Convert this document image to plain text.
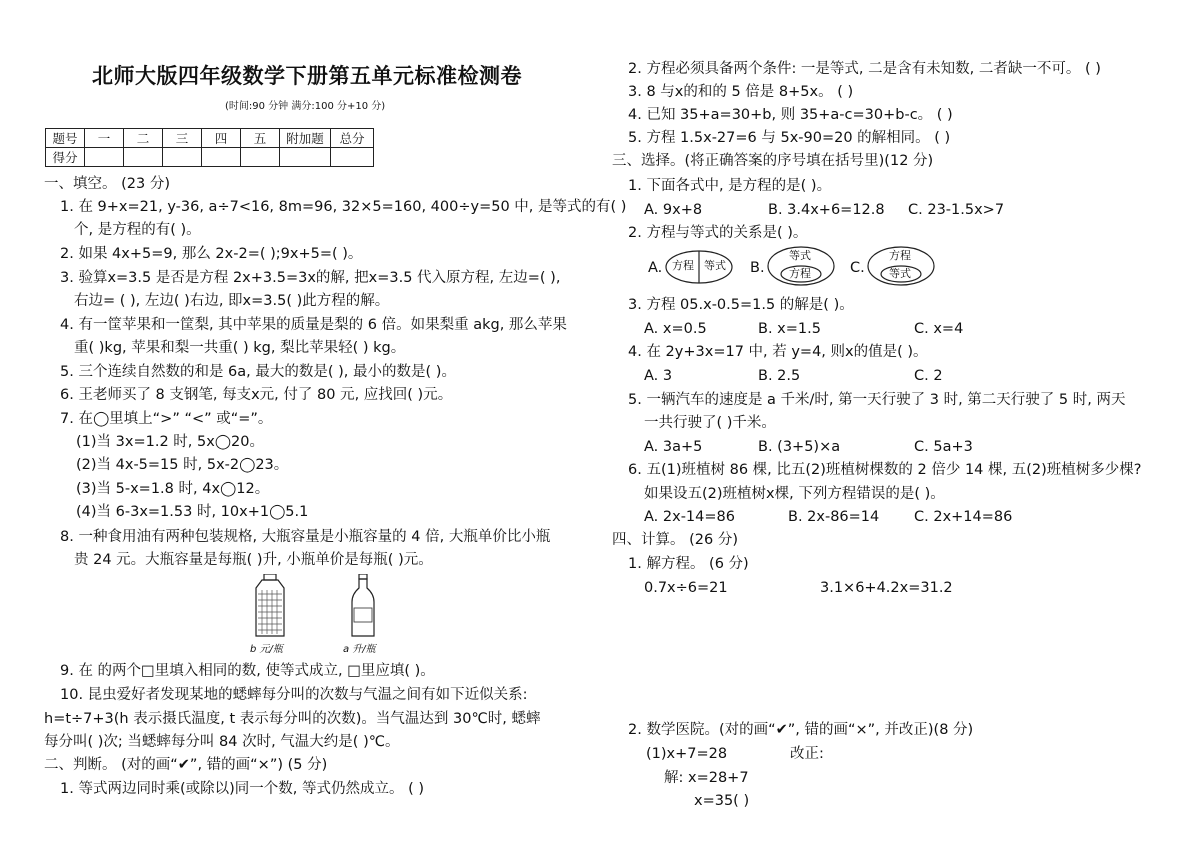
北师大版四年级数学下册第五单元标准检测卷
(时间:90 分钟 满分:100 分+10 分)
题号	一	二	三	四	五	附加题	总分
得分							
一、填空。 (23 分)
1. 在 9+x=21, y-36, a÷7<16, 8m=96, 32×5=160, 400÷y=50 中, 是等式的有( )
个, 是方程的有( )。
2. 如果 4x+5=9, 那么 2x-2=( );9x+5=( )。
3. 验算x=3.5 是否是方程 2x+3.5=3x的解, 把x=3.5 代入原方程, 左边=( ),
右边= ( ), 左边( )右边, 即x=3.5( )此方程的解。
4. 有一筐苹果和一筐梨, 其中苹果的质量是梨的 6 倍。如果梨重 akg, 那么苹果
重( )kg, 苹果和梨一共重( ) kg, 梨比苹果轻( ) kg。
5. 三个连续自然数的和是 6a, 最大的数是( ), 最小的数是( )。
6. 王老师买了 8 支钢笔, 每支x元, 付了 80 元, 应找回( )元。
7. 在◯里填上“>” “<” 或“=”。
(1)当 3x=1.2 时, 5x◯20。
(2)当 4x-5=15 时, 5x-2◯23。
(3)当 5-x=1.8 时, 4x◯12。
(4)当 6-3x=1.53 时, 10x+1◯5.1
8. 一种食用油有两种包装规格, 大瓶容量是小瓶容量的 4 倍, 大瓶单价比小瓶
贵 24 元。大瓶容量是每瓶( )升, 小瓶单价是每瓶( )元。
b 元/瓶	a 升/瓶
9. 在 的两个□里填入相同的数, 使等式成立, □里应填( )。
10. 昆虫爱好者发现某地的蟋蟀每分叫的次数与气温之间有如下近似关系:
h=t÷7+3(h 表示摄氏温度, t 表示每分叫的次数)。当气温达到 30℃时, 蟋蟀
每分叫( )次; 当蟋蟀每分叫 84 次时, 气温大约是( )℃。
二、判断。 (对的画“✔”, 错的画“×”) (5 分)
1. 等式两边同时乘(或除以)同一个数, 等式仍然成立。 ( )
2. 方程必须具备两个条件: 一是等式, 二是含有未知数, 二者缺一不可。 ( )
3. 8 与x的和的 5 倍是 8+5x。 ( )
4. 已知 35+a=30+b, 则 35+a-c=30+b-c。 ( )
5. 方程 1.5x-27=6 与 5x-90=20 的解相同。 ( )
三、选择。(将正确答案的序号填在括号里)(12 分)
1. 下面各式中, 是方程的是( )。
A. 9x+8	B. 3.4x+6=12.8 C. 23-1.5x>7
2. 方程与等式的关系是( )。
A. 方程 等式 B.
等式
方程	C.
方程
等式
3. 方程 05.x-0.5=1.5 的解是( )。
A. x=0.5	B. x=1.5	C. x=4
4. 在 2y+3x=17 中, 若 y=4, 则x的值是( )。
A. 3	B. 2.5	C. 2
5. 一辆汽车的速度是 a 千米/时, 第一天行驶了 3 时, 第二天行驶了 5 时, 两天
一共行驶了( )千米。
A. 3a+5	B. (3+5)×a	C. 5a+3
6. 五(1)班植树 86 棵, 比五(2)班植树棵数的 2 倍少 14 棵, 五(2)班植树多少棵?
如果设五(2)班植树x棵, 下列方程错误的是( )。
A. 2x-14=86	B. 2x-86=14 C. 2x+14=86
四、计算。 (26 分)
1. 解方程。 (6 分)
0.7x÷6=21	3.1×6+4.2x=31.2
2. 数学医院。(对的画“✔”, 错的画“×”, 并改正)(8 分)
(1)x+7=28	改正:
解: x=28+7
x=35( )
